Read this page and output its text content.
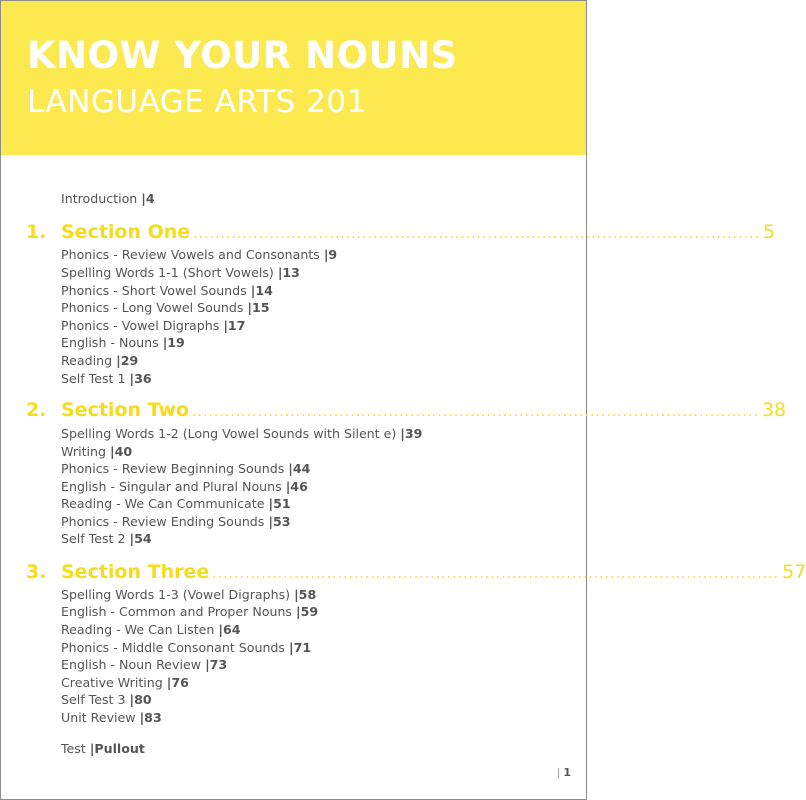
KNOW YOUR NOUNS
LANGUAGE ARTS 201
Introduction |4
1. Section One ........................................................................................................ 5
Phonics - Review Vowels and Consonants |9
Spelling Words 1-1 (Short Vowels) |13
Phonics - Short Vowel Sounds |14
Phonics - Long Vowel Sounds |15
Phonics - Vowel Digraphs |17
English - Nouns |19
Reading |29
Self Test 1 |36
2. Section Two ........................................................................................................ 38
Spelling Words 1-2 (Long Vowel Sounds with Silent e) |39
Writing |40
Phonics - Review Beginning Sounds |44
English - Singular and Plural Nouns |46
Reading - We Can Communicate |51
Phonics - Review Ending Sounds |53
Self Test 2 |54
3. Section Three ........................................................................................................ 57
Spelling Words 1-3 (Vowel Digraphs) |58
English - Common and Proper Nouns |59
Reading - We Can Listen |64
Phonics - Middle Consonant Sounds |71
English - Noun Review |73
Creative Writing |76
Self Test 3 |80
Unit Review |83
Test |Pullout
| 1
